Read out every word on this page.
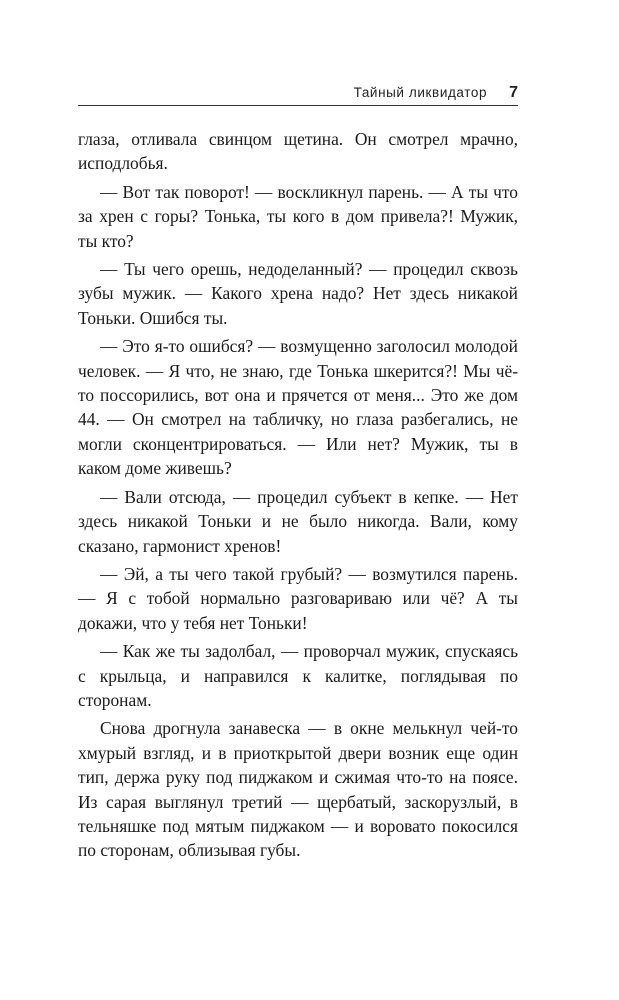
Тайный ликвидатор 7

глаза, отливала свинцом щетина. Он смотрел мрачно, исподлобья.

— Вот так поворот! — воскликнул парень. — А ты что за хрен с горы? Тонька, ты кого в дом привела?! Мужик, ты кто?

— Ты чего орешь, недоделанный? — процедил сквозь зубы мужик. — Какого хрена надо? Нет здесь никакой Тоньки. Ошибся ты.

— Это я-то ошибся? — возмущенно заголосил молодой человек. — Я что, не знаю, где Тонька шкерится?! Мы чё-то поссорились, вот она и прячется от меня... Это же дом 44. — Он смотрел на табличку, но глаза разбегались, не могли сконцентрироваться. — Или нет? Мужик, ты в каком доме живешь?

— Вали отсюда, — процедил субъект в кепке. — Нет здесь никакой Тоньки и не было никогда. Вали, кому сказано, гармонист хренов!

— Эй, а ты чего такой грубый? — возмутился парень. — Я с тобой нормально разговариваю или чё? А ты докажи, что у тебя нет Тоньки!

— Как же ты задолбал, — проворчал мужик, спускаясь с крыльца, и направился к калитке, поглядывая по сторонам.

Снова дрогнула занавеска — в окне мелькнул чей-то хмурый взгляд, и в приоткрытой двери возник еще один тип, держа руку под пиджаком и сжимая что-то на поясе. Из сарая выглянул третий — щербатый, заскорузлый, в тельняшке под мятым пиджаком — и вороватo покосился по сторонам, облизывая губы.
